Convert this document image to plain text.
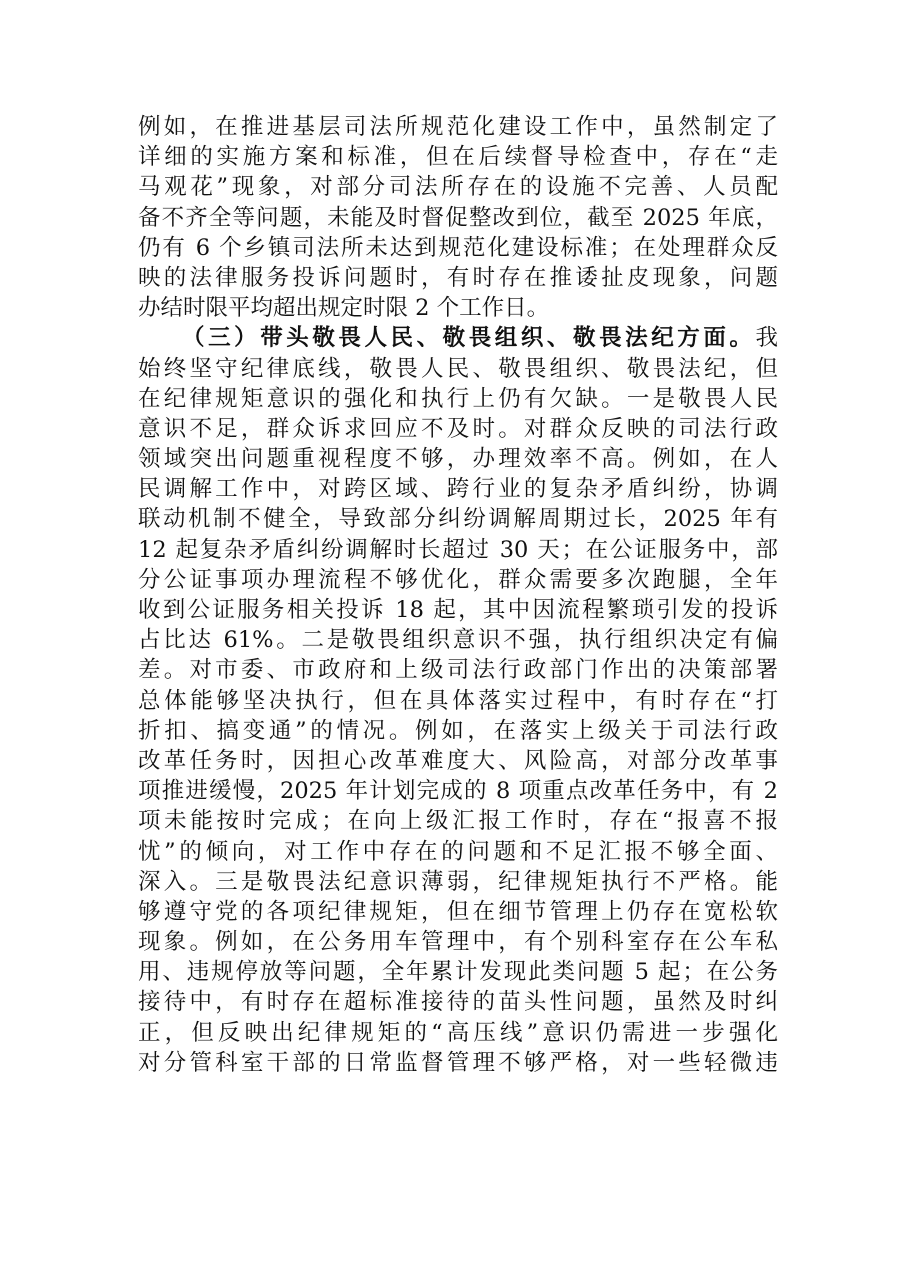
例如，在推进基层司法所规范化建设工作中，虽然制定了
详细的实施方案和标准，但在后续督导检查中，存在“走
马观花”现象，对部分司法所存在的设施不完善、人员配
备不齐全等问题，未能及时督促整改到位，截至 2025 年底，
仍有 6 个乡镇司法所未达到规范化建设标准；在处理群众反
映的法律服务投诉问题时，有时存在推诿扯皮现象，问题
办结时限平均超出规定时限 2 个工作日。
（三）带头敬畏人民、敬畏组织、敬畏法纪方面。我
始终坚守纪律底线，敬畏人民、敬畏组织、敬畏法纪，但
在纪律规矩意识的强化和执行上仍有欠缺。一是敬畏人民
意识不足，群众诉求回应不及时。对群众反映的司法行政
领域突出问题重视程度不够，办理效率不高。例如，在人
民调解工作中，对跨区域、跨行业的复杂矛盾纠纷，协调
联动机制不健全，导致部分纠纷调解周期过长，2025 年有
12 起复杂矛盾纠纷调解时长超过 30 天；在公证服务中，部
分公证事项办理流程不够优化，群众需要多次跑腿，全年
收到公证服务相关投诉 18 起，其中因流程繁琐引发的投诉
占比达 61%。二是敬畏组织意识不强，执行组织决定有偏
差。对市委、市政府和上级司法行政部门作出的决策部署
总体能够坚决执行，但在具体落实过程中，有时存在“打
折扣、搞变通”的情况。例如，在落实上级关于司法行政
改革任务时，因担心改革难度大、风险高，对部分改革事
项推进缓慢，2025 年计划完成的 8 项重点改革任务中，有 2
项未能按时完成；在向上级汇报工作时，存在“报喜不报
忧”的倾向，对工作中存在的问题和不足汇报不够全面、
深入。三是敬畏法纪意识薄弱，纪律规矩执行不严格。能
够遵守党的各项纪律规矩，但在细节管理上仍存在宽松软
现象。例如，在公务用车管理中，有个别科室存在公车私
用、违规停放等问题，全年累计发现此类问题 5 起；在公务
接待中，有时存在超标准接待的苗头性问题，虽然及时纠
正，但反映出纪律规矩的“高压线”意识仍需进一步强化
对分管科室干部的日常监督管理不够严格，对一些轻微违
